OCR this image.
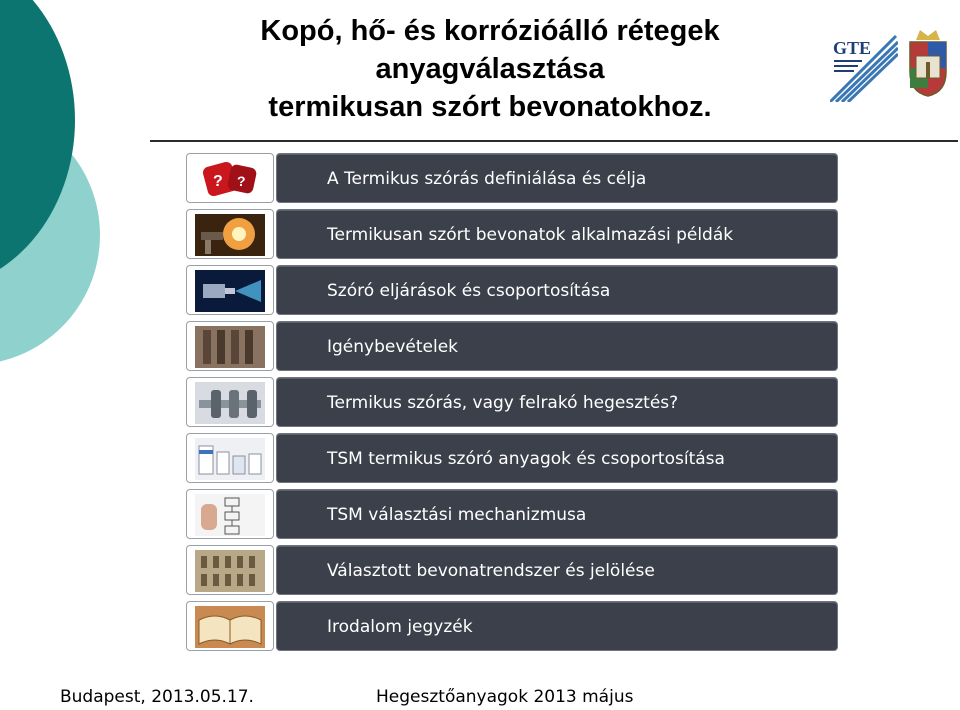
Kopó, hő- és korrózióálló rétegek
anyagválasztása
termikusan szórt bevonatokhoz.
GTE
? ?	A Termikus szórás definiálása és célja
Termikusan szórt bevonatok alkalmazási példák
Szóró eljárások és csoportosítása
Igénybevételek
Termikus szórás, vagy felrakó hegesztés?
TSM termikus szóró anyagok és csoportosítása
TSM választási mechanizmusa
Választott bevonatrendszer és jelölése
Irodalom jegyzék
Budapest, 2013.05.17.	Hegesztőanyagok 2013 május
